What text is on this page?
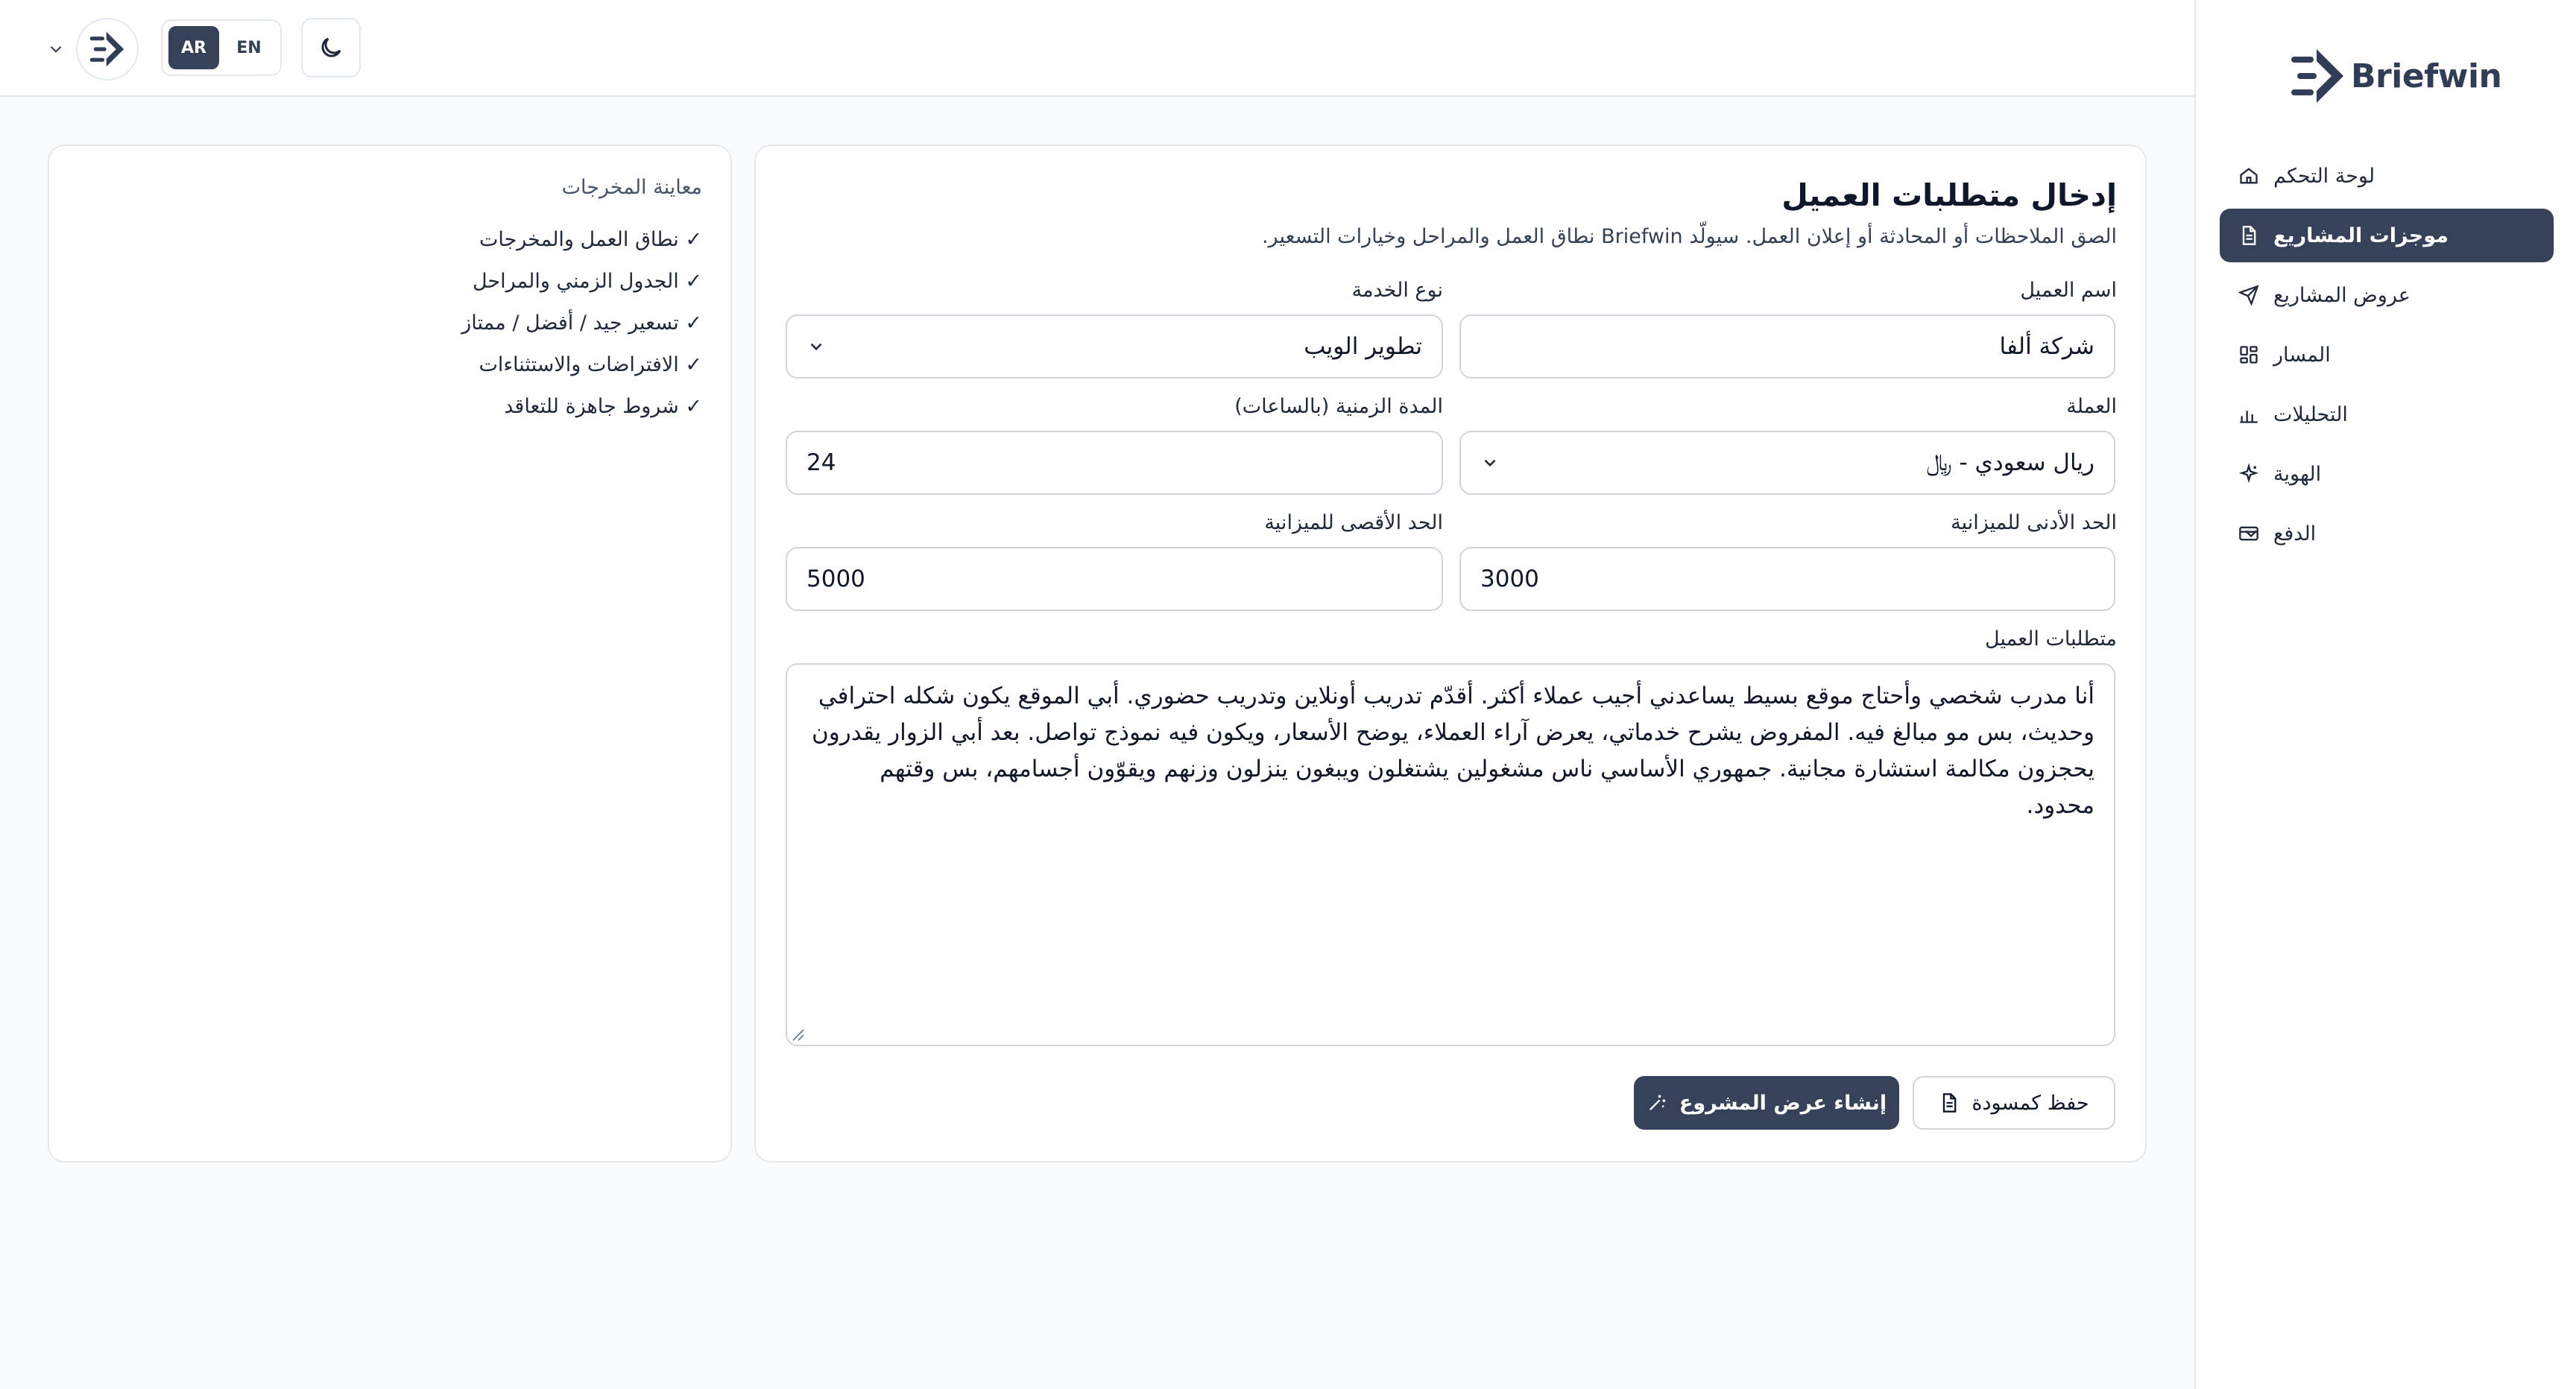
Briefwin
لوحة التحكم
موجزات المشاريع
عروض المشاريع
المسار
التحليلات
الهوية
الدفع
AR	EN
معاينة المخرجات
✓ نطاق العمل والمخرجات
✓ الجدول الزمني والمراحل
✓ تسعير جيد / أفضل / ممتاز
✓ الافتراضات والاستثناءات
✓ شروط جاهزة للتعاقد
إدخال متطلبات العميل

الصق الملاحظات أو المحادثة أو إعلان العمل. سيولّد Briefwin نطاق العمل والمراحل وخيارات التسعير.

اسم العميل
شركة ألفا
نوع الخدمة
تطوير الويب
العملة
ريال سعودي - ﷼
المدة الزمنية (بالساعات)
24
الحد الأدنى للميزانية
3000
الحد الأقصى للميزانية
5000
متطلبات العميل
أنا مدرب شخصي وأحتاج موقع بسيط يساعدني أجيب عملاء أكثر. أقدّم تدريب أونلاين وتدريب حضوري. أبي الموقع يكون شكله احترافي وحديث، بس مو مبالغ فيه. المفروض يشرح خدماتي، يعرض آراء العملاء، يوضح الأسعار، ويكون فيه نموذج تواصل. بعد أبي الزوار يقدرون يحجزون مكالمة استشارة مجانية. جمهوري الأساسي ناس مشغولين يشتغلون ويبغون ينزلون وزنهم ويقوّون أجسامهم، بس وقتهم محدود.
حفظ كمسودة
إنشاء عرض المشروع
